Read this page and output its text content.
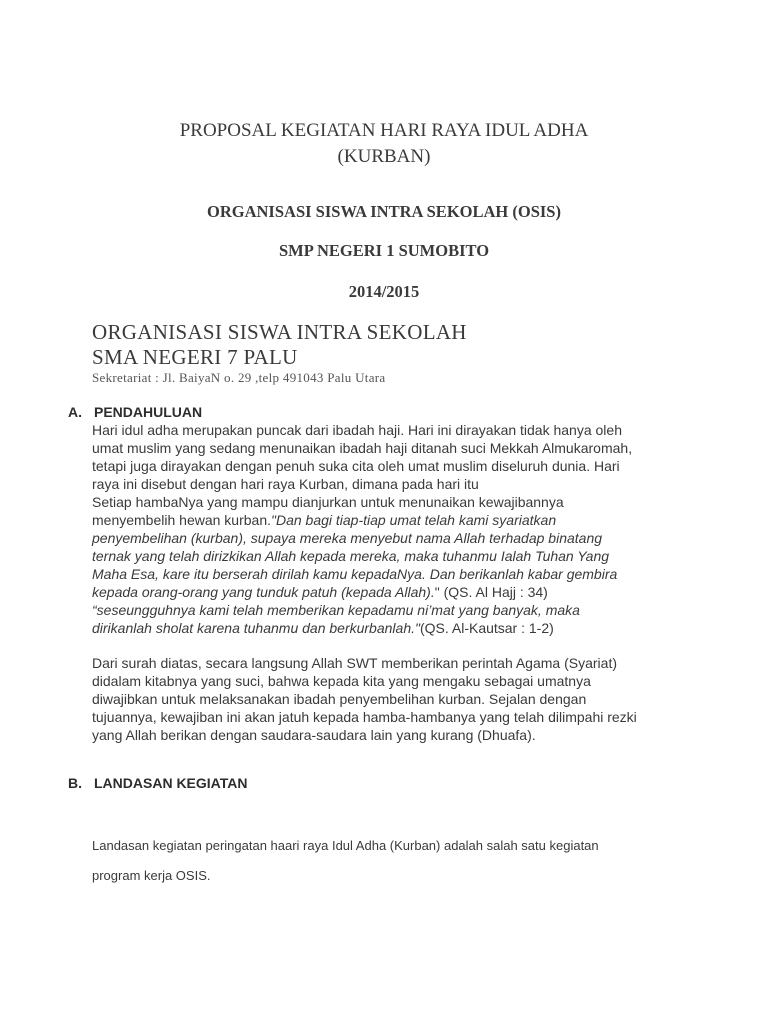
PROPOSAL KEGIATAN HARI RAYA IDUL ADHA
(KURBAN)
ORGANISASI SISWA INTRA SEKOLAH (OSIS)
SMP NEGERI 1 SUMOBITO
2014/2015
ORGANISASI SISWA INTRA SEKOLAH
SMA NEGERI 7 PALU
Sekretariat : Jl. BaiyaN o. 29 ,telp 491043 Palu Utara
A. PENDAHULUAN
Hari idul adha merupakan puncak dari ibadah haji. Hari ini dirayakan tidak hanya oleh
umat muslim yang sedang menunaikan ibadah haji ditanah suci Mekkah Almukaromah,
tetapi juga dirayakan dengan penuh suka cita oleh umat muslim diseluruh dunia. Hari
raya ini disebut dengan hari raya Kurban, dimana pada hari itu
Setiap hambaNya yang mampu dianjurkan untuk menunaikan kewajibannya
menyembelih hewan kurban."Dan bagi tiap-tiap umat telah kami syariatkan
penyembelihan (kurban), supaya mereka menyebut nama Allah terhadap binatang
ternak yang telah dirizkikan Allah kepada mereka, maka tuhanmu Ialah Tuhan Yang
Maha Esa, kare itu berserah dirilah kamu kepadaNya. Dan berikanlah kabar gembira
kepada orang-orang yang tunduk patuh (kepada Allah)." (QS. Al Hajj : 34)
“seseungguhnya kami telah memberikan kepadamu ni’mat yang banyak, maka
dirikanlah sholat karena tuhanmu dan berkurbanlah."(QS. Al-Kautsar : 1-2)
Dari surah diatas, secara langsung Allah SWT memberikan perintah Agama (Syariat)
didalam kitabnya yang suci, bahwa kepada kita yang mengaku sebagai umatnya
diwajibkan untuk melaksanakan ibadah penyembelihan kurban. Sejalan dengan
tujuannya, kewajiban ini akan jatuh kepada hamba-hambanya yang telah dilimpahi rezki
yang Allah berikan dengan saudara-saudara lain yang kurang (Dhuafa).
B. LANDASAN KEGIATAN
Landasan kegiatan peringatan haari raya Idul Adha (Kurban) adalah salah satu kegiatan
program kerja OSIS.
